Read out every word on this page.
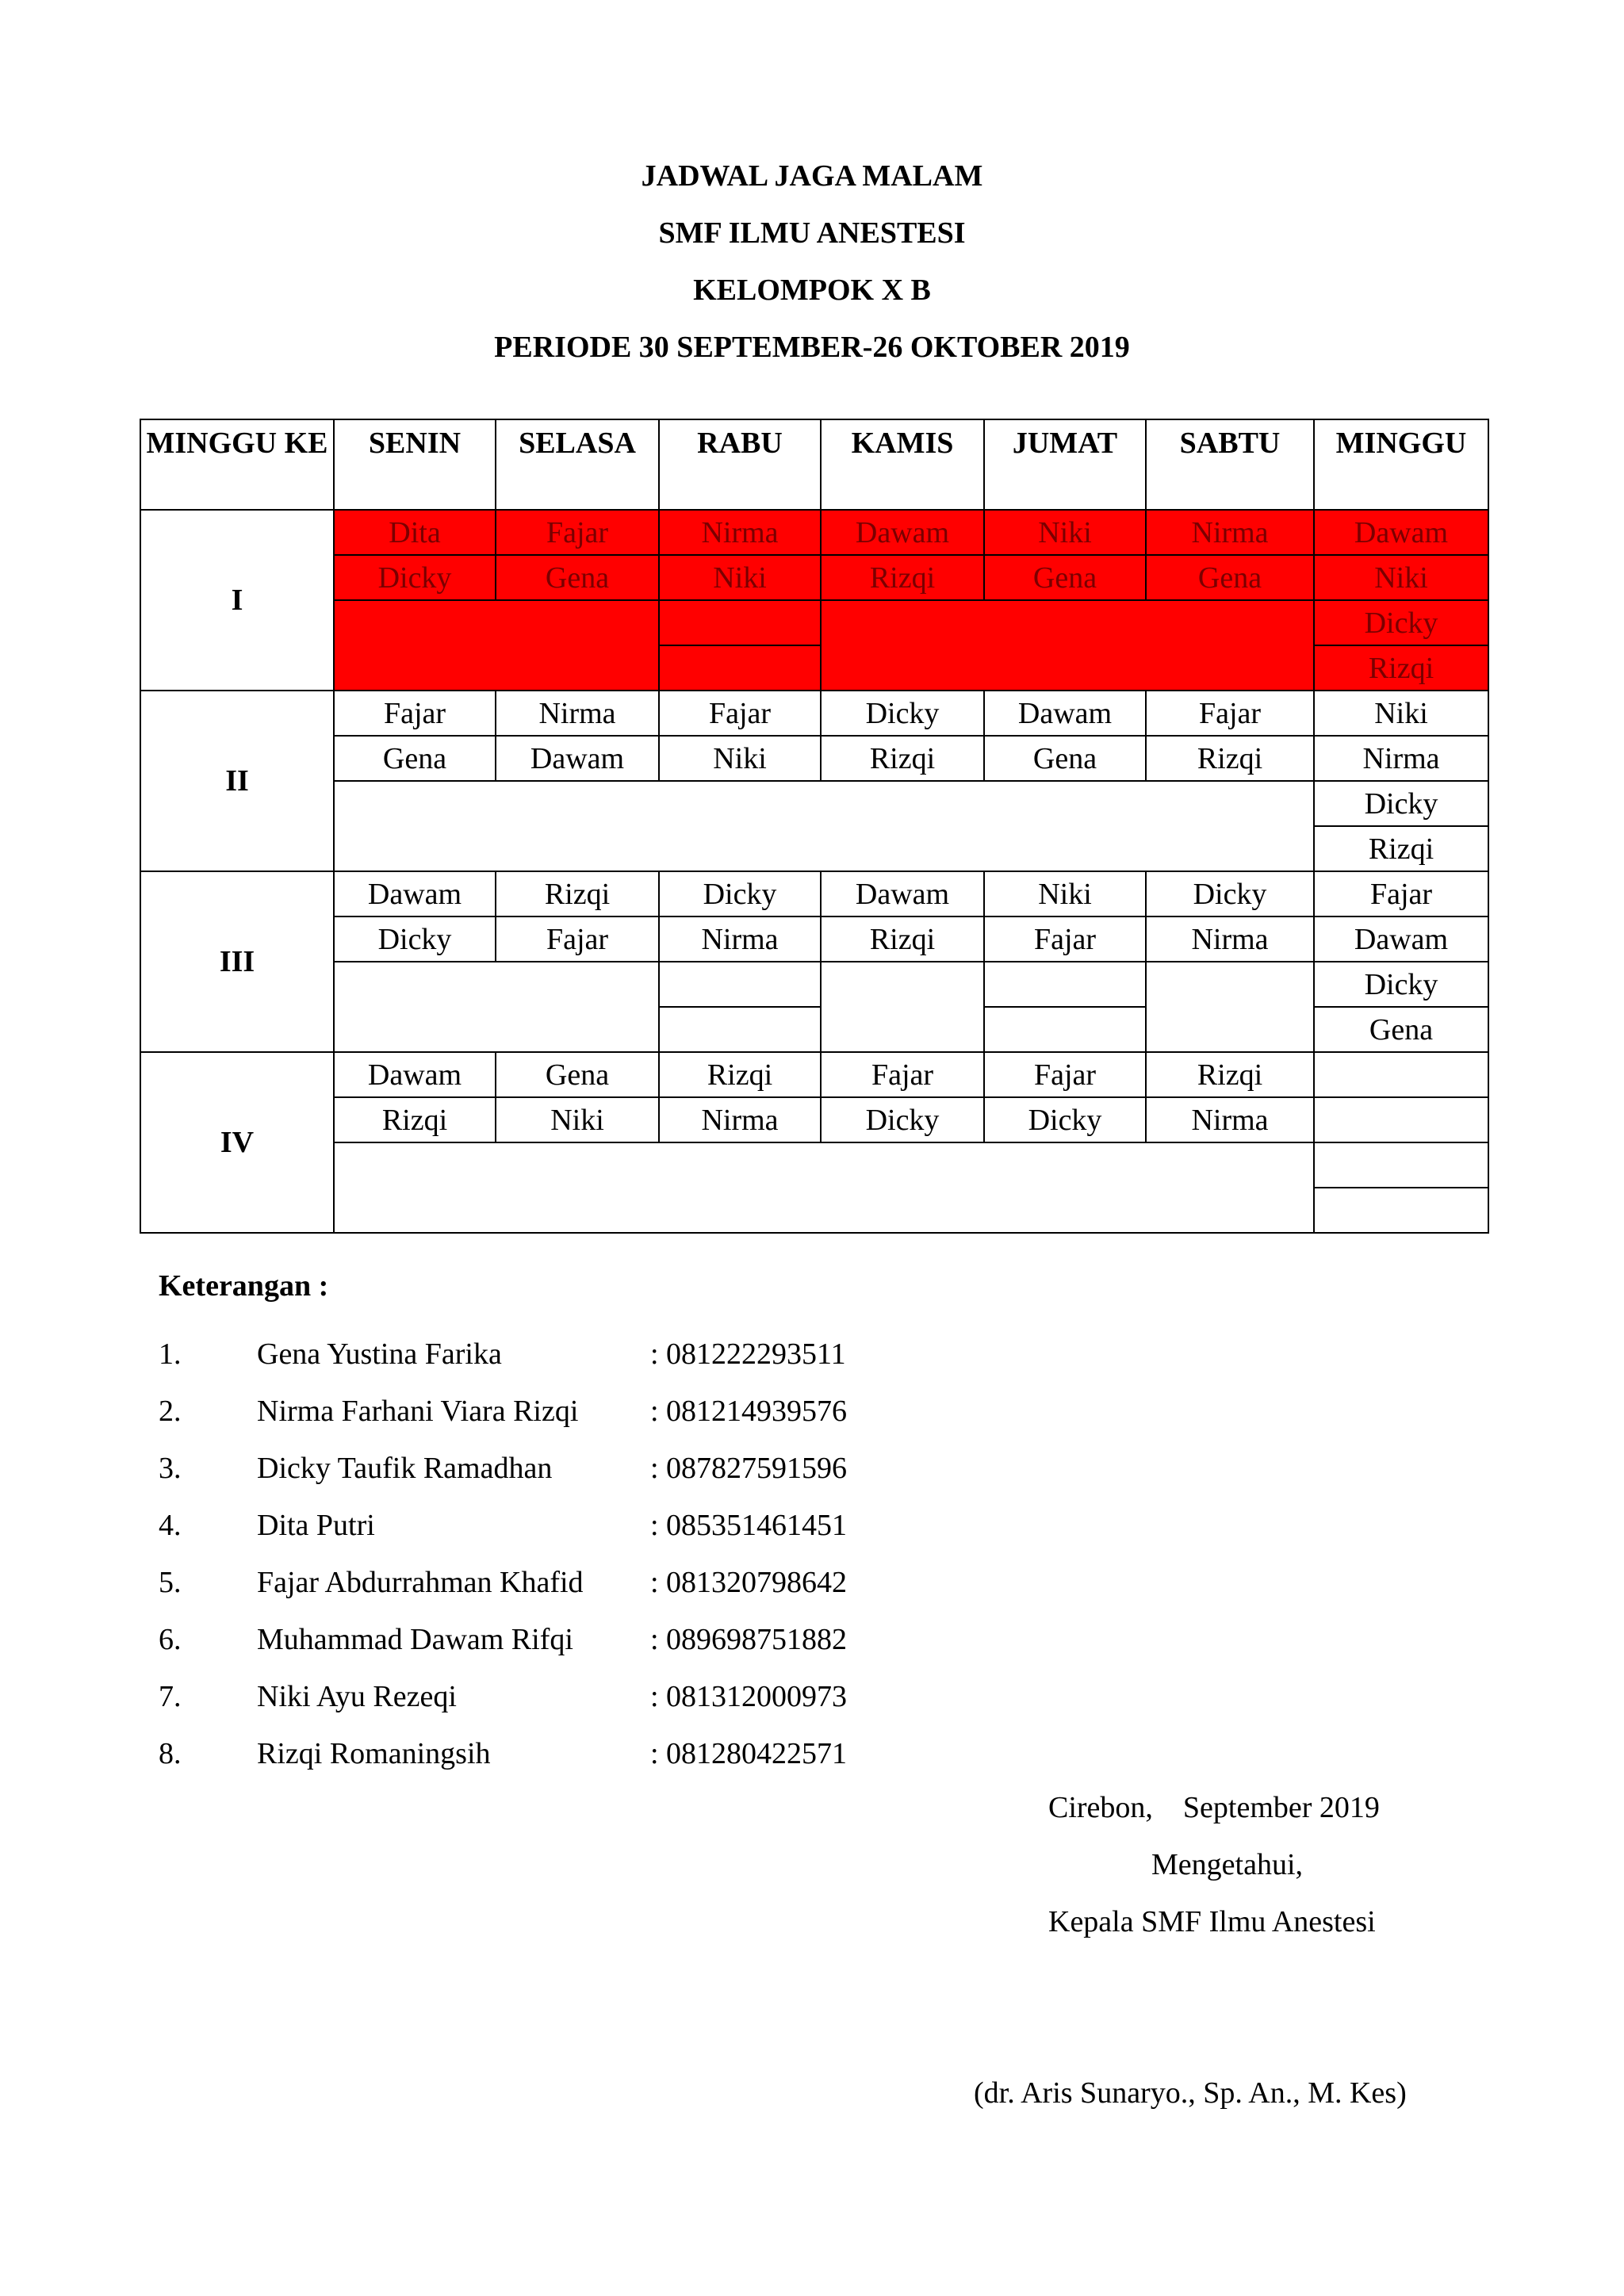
JADWAL JAGA MALAM
SMF ILMU ANESTESI
KELOMPOK X B
PERIODE 30 SEPTEMBER-26 OKTOBER 2019
MINGGU KE	SENIN	SELASA	RABU	KAMIS	JUMAT	SABTU	MINGGU
I	Dita	Fajar	Nirma	Dawam	Niki	Nirma	Dawam
	Dicky	Gena	Niki	Rizqi	Gena	Gena	Niki
							Dicky
							Rizqi
II	Fajar	Nirma	Fajar	Dicky	Dawam	Fajar	Niki
	Gena	Dawam	Niki	Rizqi	Gena	Rizqi	Nirma
							Dicky
							Rizqi
III	Dawam	Rizqi	Dicky	Dawam	Niki	Dicky	Fajar
	Dicky	Fajar	Nirma	Rizqi	Fajar	Nirma	Dawam
							Dicky
							Gena
IV	Dawam	Gena	Rizqi	Fajar	Fajar	Rizqi	
	Rizqi	Niki	Nirma	Dicky	Dicky	Nirma	

Keterangan :
1.	Gena Yustina Farika	: 081222293511
2.	Nirma Farhani Viara Rizqi : 081214939576
3.	Dicky Taufik Ramadhan	: 087827591596
4.	Dita Putri	: 085351461451
5.	Fajar Abdurrahman Khafid : 081320798642
6.	Muhammad Dawam Rifqi	: 089698751882
7.	Niki Ayu Rezeqi	: 081312000973
8.	Rizqi Romaningsih	: 081280422571
Cirebon,    September 2019
Mengetahui,
Kepala SMF Ilmu Anestesi
(dr. Aris Sunaryo., Sp. An., M. Kes)
